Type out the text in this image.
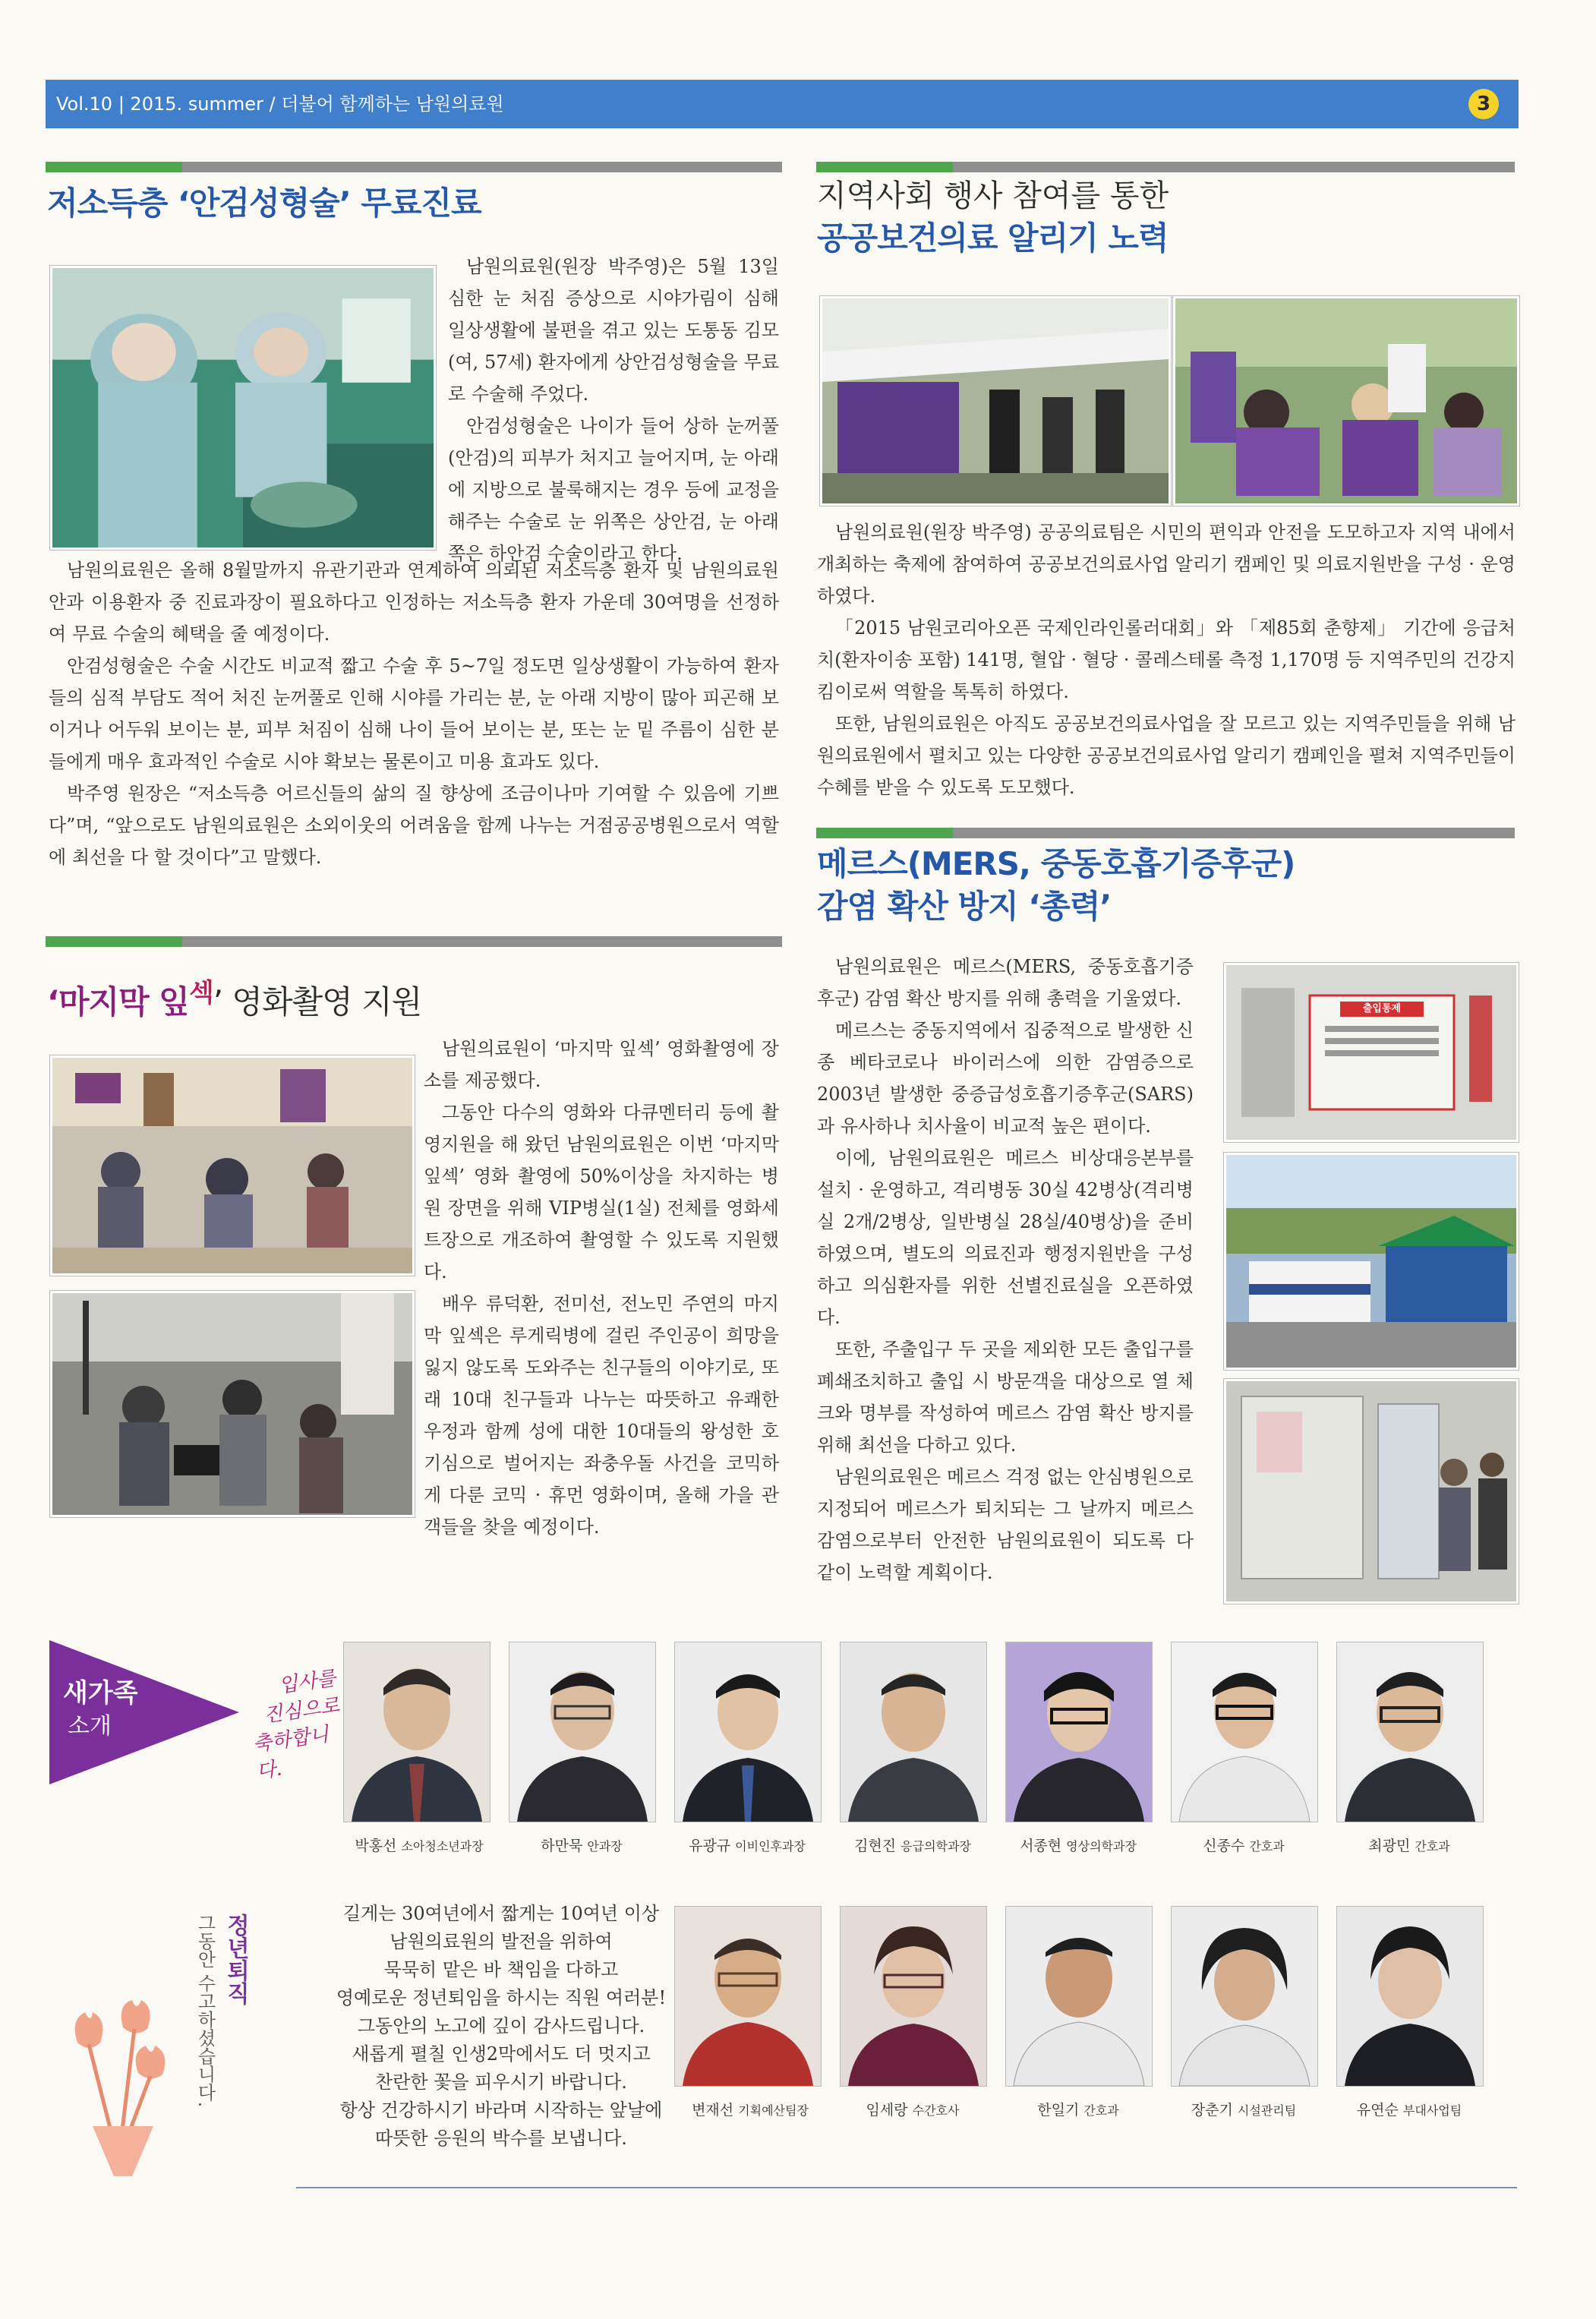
Vol.10 | 2015. summer / 더불어 함께하는 남원의료원	3
저소득층 ‘안검성형술’ 무료진료

남원의료원(원장 박주영)은 5월 13일 심한 눈 처짐 증상으로 시야가림이 심해 일상생활에 불편을 겪고 있는 도통동 김모(여, 57세) 환자에게 상안검성형술을 무료로 수술해 주었다.

안검성형술은 나이가 들어 상하 눈꺼풀(안검)의 피부가 처지고 늘어지며, 눈 아래에 지방으로 불룩해지는 경우 등에 교정을 해주는 수술로 눈 위쪽은 상안검, 눈 아래쪽은 하안검 수술이라고 한다.

남원의료원은 올해 8월말까지 유관기관과 연계하여 의뢰된 저소득층 환자 및 남원의료원 안과 이용환자 중 진료과장이 필요하다고 인정하는 저소득층 환자 가운데 30여명을 선정하여 무료 수술의 혜택을 줄 예정이다.

안검성형술은 수술 시간도 비교적 짧고 수술 후 5~7일 정도면 일상생활이 가능하여 환자들의 심적 부담도 적어 처진 눈꺼풀로 인해 시야를 가리는 분, 눈 아래 지방이 많아 피곤해 보이거나 어두워 보이는 분, 피부 처짐이 심해 나이 들어 보이는 분, 또는 눈 밑 주름이 심한 분들에게 매우 효과적인 수술로 시야 확보는 물론이고 미용 효과도 있다.

박주영 원장은 “저소득층 어르신들의 삶의 질 향상에 조금이나마 기여할 수 있음에 기쁘다”며, “앞으로도 남원의료원은 소외이웃의 어려움을 함께 나누는 거점공공병원으로서 역할에 최선을 다 할 것이다”고 말했다.

‘마지막 잎$^섹$’ 영화촬영 지원

남원의료원이 ‘마지막 잎섹’ 영화촬영에 장소를 제공했다.

그동안 다수의 영화와 다큐멘터리 등에 촬영지원을 해 왔던 남원의료원은 이번 ‘마지막 잎섹’ 영화 촬영에 50%이상을 차지하는 병원 장면을 위해 VIP병실(1실) 전체를 영화세트장으로 개조하여 촬영할 수 있도록 지원했다.

배우 류덕환, 전미선, 전노민 주연의 마지막 잎섹은 루게릭병에 걸린 주인공이 희망을 잃지 않도록 도와주는 친구들의 이야기로, 또래 10대 친구들과 나누는 따뜻하고 유쾌한 우정과 함께 성에 대한 10대들의 왕성한 호기심으로 벌어지는 좌충우돌 사건을 코믹하게 다룬 코믹 · 휴먼 영화이며, 올해 가을 관객들을 찾을 예정이다.

지역사회 행사 참여를 통한
공공보건의료 알리기 노력

남원의료원(원장 박주영) 공공의료팀은 시민의 편익과 안전을 도모하고자 지역 내에서 개최하는 축제에 참여하여 공공보건의료사업 알리기 캠페인 및 의료지원반을 구성 · 운영하였다.

「2015 남원코리아오픈 국제인라인롤러대회」와 「제85회 춘향제」 기간에 응급처치(환자이송 포함) 141명, 혈압 · 혈당 · 콜레스테롤 측정 1,170명 등 지역주민의 건강지킴이로써 역할을 톡톡히 하였다.

또한, 남원의료원은 아직도 공공보건의료사업을 잘 모르고 있는 지역주민들을 위해 남원의료원에서 펼치고 있는 다양한 공공보건의료사업 알리기 캠페인을 펼쳐 지역주민들이 수혜를 받을 수 있도록 도모했다.

메르스(MERS, 중동호흡기증후군)
감염 확산 방지 ‘총력’

남원의료원은 메르스(MERS, 중동호흡기증후군) 감염 확산 방지를 위해 총력을 기울였다.

메르스는 중동지역에서 집중적으로 발생한 신종 베타코로나 바이러스에 의한 감염증으로 2003년 발생한 중증급성호흡기증후군(SARS)과 유사하나 치사율이 비교적 높은 편이다.

이에, 남원의료원은 메르스 비상대응본부를 설치 · 운영하고, 격리병동 30실 42병상(격리병실 2개/2병상, 일반병실 28실/40병상)을 준비하였으며, 별도의 의료진과 행정지원반을 구성하고 의심환자를 위한 선별진료실을 오픈하였다.

또한, 주출입구 두 곳을 제외한 모든 출입구를 폐쇄조치하고 출입 시 방문객을 대상으로 열 체크와 명부를 작성하여 메르스 감염 확산 방지를 위해 최선을 다하고 있다.

남원의료원은 메르스 걱정 없는 안심병원으로 지정되어 메르스가 퇴치되는 그 날까지 메르스 감염으로부터 안전한 남원의료원이 되도록 다 같이 노력할 계획이다.

출입통제
새가족
소개
입사를
진심으로
축하합니다.
박홍선 소아청소년과장	하만묵 안과장	유광규 이비인후과장	김현진 응급의학과장	서종현 영상의학과장	신종수 간호과	최광민 간호과
정년퇴직
그동안 수고하셨습니다.	길게는 30여년에서 짧게는 10여년 이상
남원의료원의 발전을 위하여
묵묵히 맡은 바 책임을 다하고
영예로운 정년퇴임을 하시는 직원 여러분!
그동안의 노고에 깊이 감사드립니다.
새롭게 펼칠 인생2막에서도 더 멋지고
찬란한 꽃을 피우시기 바랍니다.
항상 건강하시기 바라며 시작하는 앞날에
따뜻한 응원의 박수를 보냅니다.
변재선 기획예산팀장	임세랑 수간호사	한일기 간호과	장춘기 시설관리팀	유연순 부대사업팀
